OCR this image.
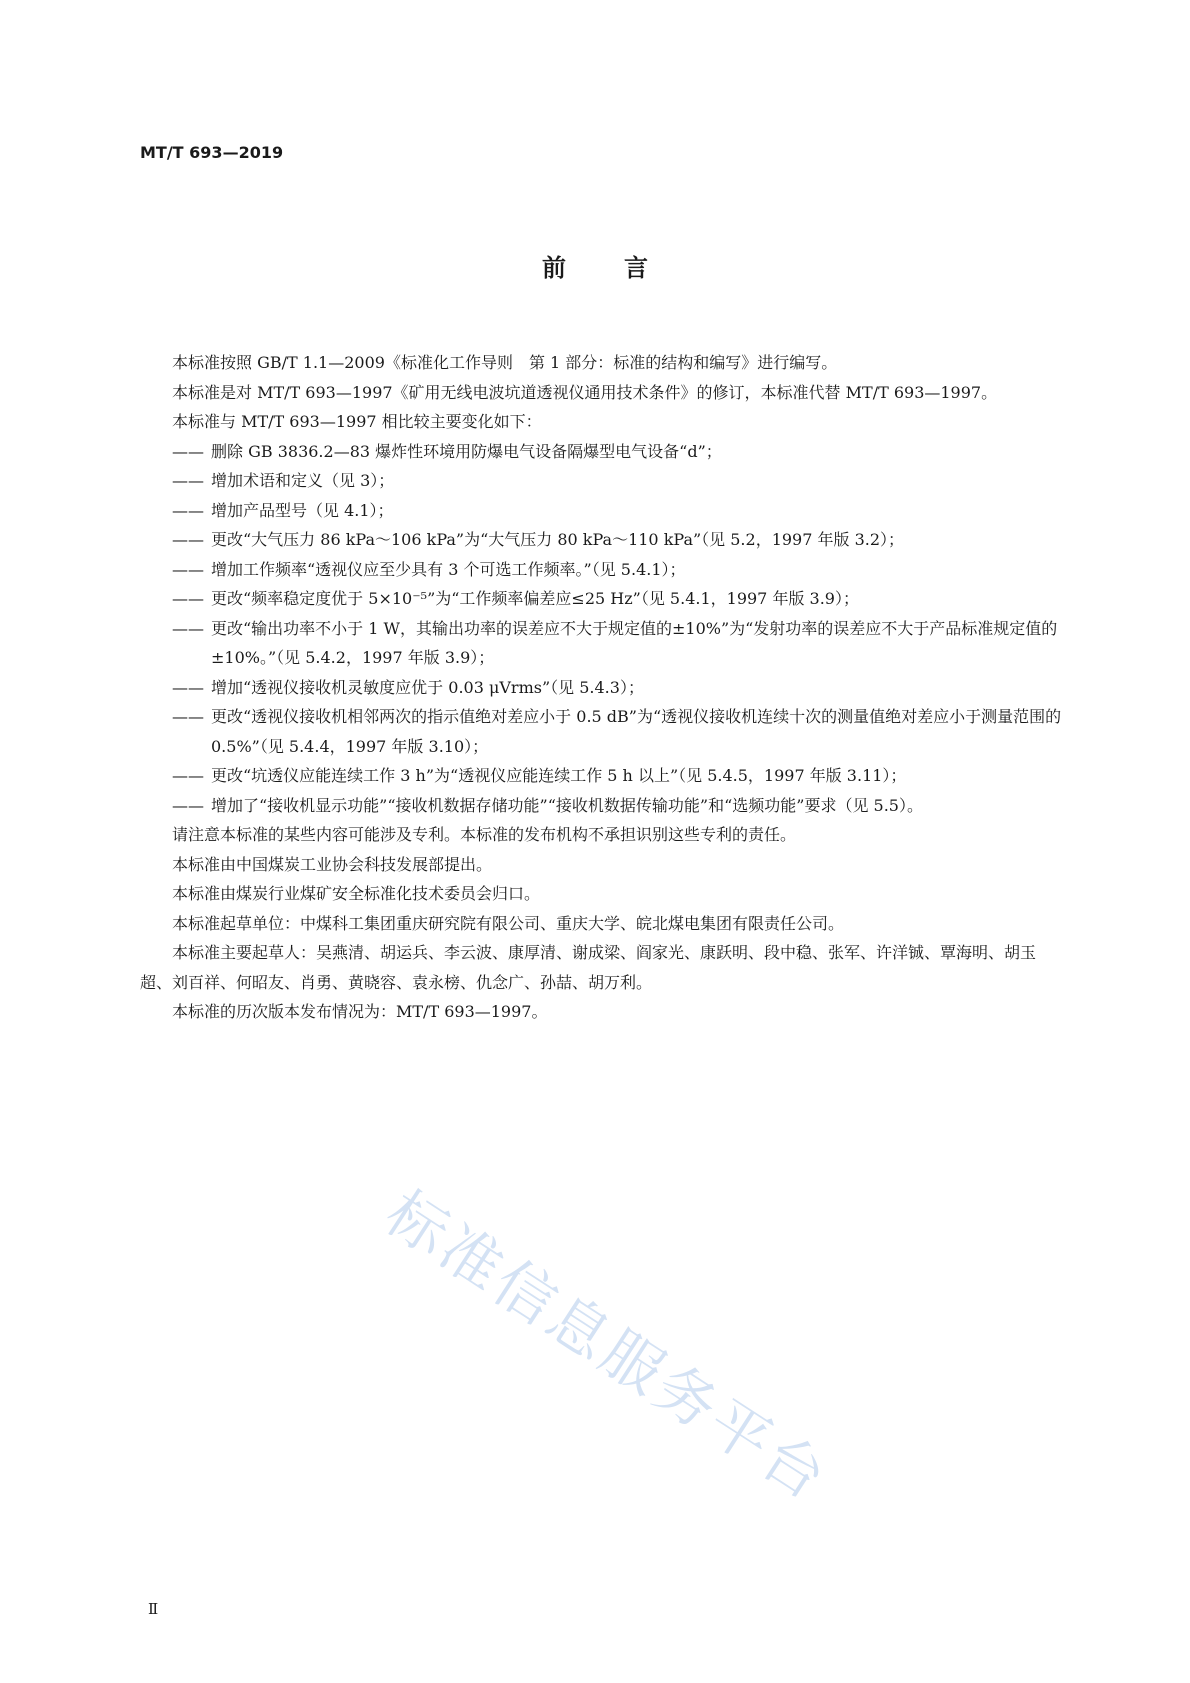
MT/T 693—2019
前言

本标准按照 GB/T 1.1—2009《标准化工作导则　第 1 部分：标准的结构和编写》进行编写。

本标准是对 MT/T 693—1997《矿用无线电波坑道透视仪通用技术条件》的修订，本标准代替 MT/T 693—1997。

本标准与 MT/T 693—1997 相比较主要变化如下：

—— 删除 GB 3836.2—83 爆炸性环境用防爆电气设备隔爆型电气设备“d”；

—— 增加术语和定义（见 3）；

—— 增加产品型号（见 4.1）；

—— 更改“大气压力 86 kPa～106 kPa”为“大气压力 80 kPa～110 kPa”（见 5.2，1997 年版 3.2）；

—— 增加工作频率“透视仪应至少具有 3 个可选工作频率。”（见 5.4.1）；

—— 更改“频率稳定度优于 5×10⁻⁵”为“工作频率偏差应≤25 Hz”（见 5.4.1，1997 年版 3.9）；

—— 更改“输出功率不小于 1 W，其输出功率的误差应不大于规定值的±10%”为“发射功率的误差应不大于产品标准规定值的±10%。”（见 5.4.2，1997 年版 3.9）；

—— 增加“透视仪接收机灵敏度应优于 0.03 μVrms”（见 5.4.3）；

—— 更改“透视仪接收机相邻两次的指示值绝对差应小于 0.5 dB”为“透视仪接收机连续十次的测量值绝对差应小于测量范围的 0.5%”（见 5.4.4，1997 年版 3.10）；

—— 更改“坑透仪应能连续工作 3 h”为“透视仪应能连续工作 5 h 以上”（见 5.4.5，1997 年版 3.11）；

—— 增加了“接收机显示功能”“接收机数据存储功能”“接收机数据传输功能”和“选频功能”要求（见 5.5）。

请注意本标准的某些内容可能涉及专利。本标准的发布机构不承担识别这些专利的责任。

本标准由中国煤炭工业协会科技发展部提出。

本标准由煤炭行业煤矿安全标准化技术委员会归口。

本标准起草单位：中煤科工集团重庆研究院有限公司、重庆大学、皖北煤电集团有限责任公司。

本标准主要起草人：吴燕清、胡运兵、李云波、康厚清、谢成梁、阎家光、康跃明、段中稳、张军、许洋铖、覃海明、胡玉超、刘百祥、何昭友、肖勇、黄晓容、袁永榜、仇念广、孙喆、胡万利。

本标准的历次版本发布情况为：MT/T 693—1997。

标准信息服务平台
Ⅱ
